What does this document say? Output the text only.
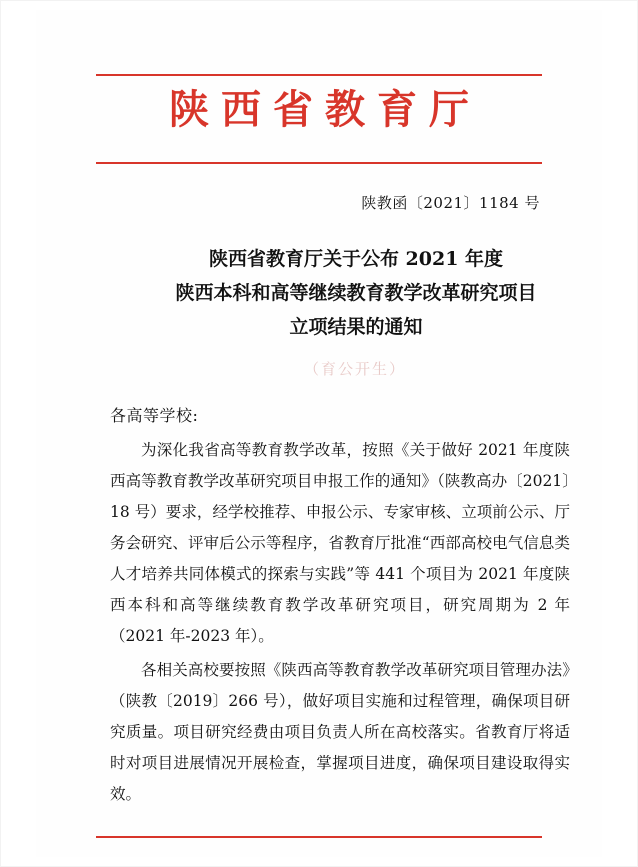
陕西省教育厅
陕教函〔2021〕1184 号
陕西省教育厅关于公布 2021 年度
陕西本科和高等继续教育教学改革研究项目
立项结果的通知
（育公开生）
各高等学校:

为深化我省高等教育教学改革，按照《关于做好 2021 年度陕西高等教育教学改革研究项目申报工作的通知》（陕教高办〔2021〕18 号）要求，经学校推荐、申报公示、专家审核、立项前公示、厅务会研究、评审后公示等程序，省教育厅批准“西部高校电气信息类人才培养共同体模式的探索与实践”等 441 个项目为 2021 年度陕西本科和高等继续教育教学改革研究项目，研究周期为 2 年（2021 年-2023 年）。

各相关高校要按照《陕西高等教育教学改革研究项目管理办法》（陕教〔2019〕266 号），做好项目实施和过程管理，确保项目研究质量。项目研究经费由项目负责人所在高校落实。省教育厅将适时对项目进展情况开展检查，掌握项目进度，确保项目建设取得实效。
